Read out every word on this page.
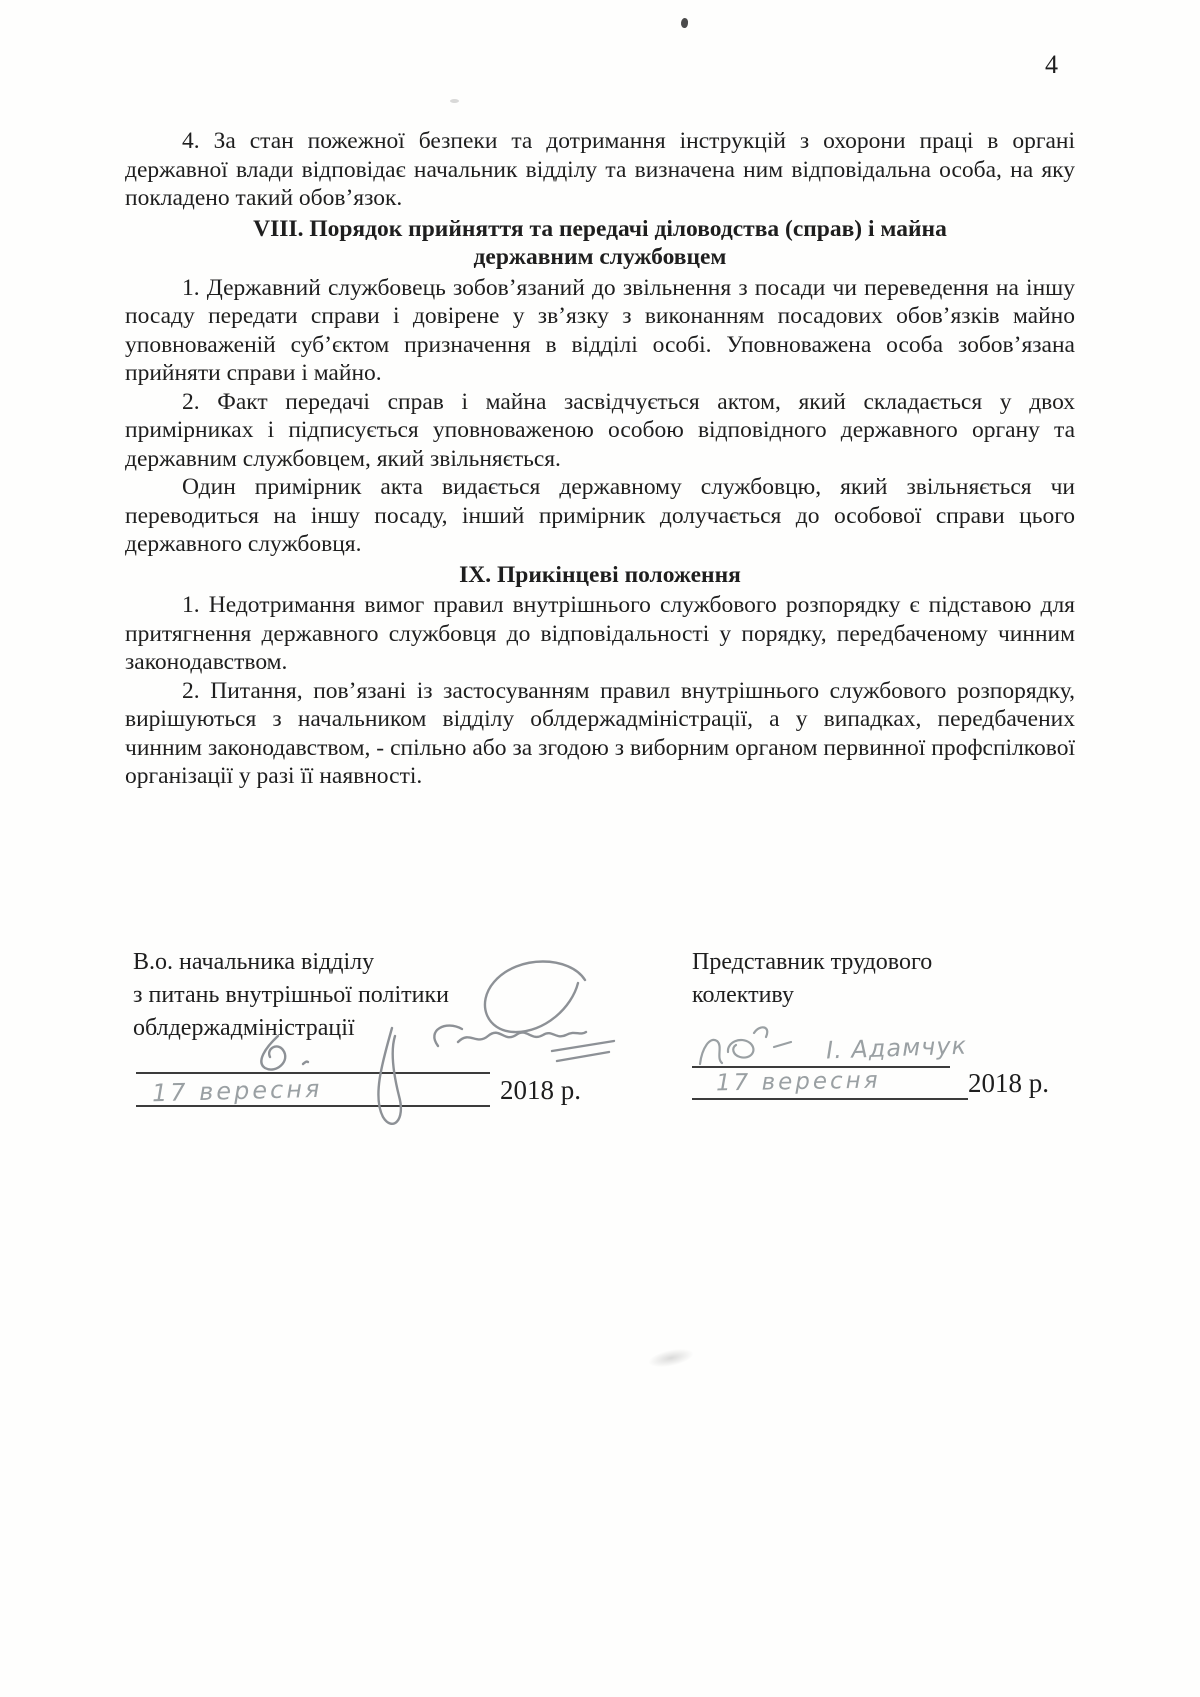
4

4. За стан пожежної безпеки та дотримання інструкцій з охорони праці в органі державної влади відповідає начальник відділу та визначена ним відповідальна особа, на яку покладено такий обов’язок.

VIII. Порядок прийняття та передачі діловодства (справ) і майна
державним службовцем

1. Державний службовець зобов’язаний до звільнення з посади чи переведення на іншу посаду передати справи і довірене у зв’язку з виконанням посадових обов’язків майно уповноваженій суб’єктом призначення в відділі особі. Уповноважена особа зобов’язана прийняти справи і майно.

2. Факт передачі справ і майна засвідчується актом, який складається у двох примірниках і підписується уповноваженою особою відповідного державного органу та державним службовцем, який звільняється.

Один примірник акта видається державному службовцю, який звільняється чи переводиться на іншу посаду, інший примірник долучається до особової справи цього державного службовця.

IX. Прикінцеві положення

1. Недотримання вимог правил внутрішнього службового розпорядку є підставою для притягнення державного службовця до відповідальності у порядку, передбаченому чинним законодавством.

2. Питання, пов’язані із застосуванням правил внутрішнього службового розпорядку, вирішуються з начальником відділу облдержадміністрації, а у випадках, передбачених чинним законодавством, - спільно або за згодою з виборним органом первинної профспілкової організації у разі її наявності.

В.о. начальника відділу
з питань внутрішньої політики
облдержадміністрації
Представник трудового
колективу
2018 р.	2018 р.
17 вересня	17 вересня
І. Адамчук
